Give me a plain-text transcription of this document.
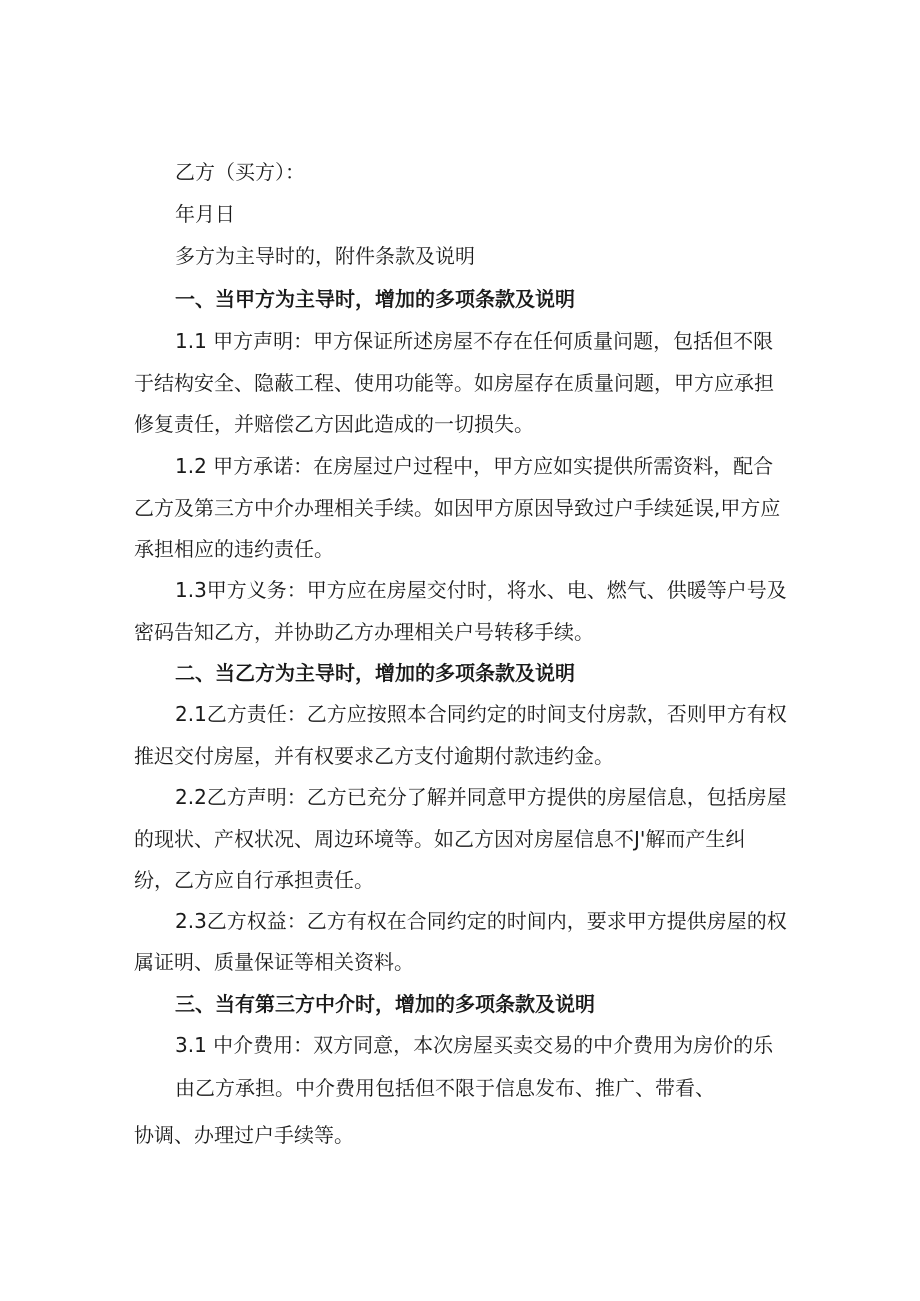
乙方（买方）：
年月日
多方为主导时的，附件条款及说明
一、当甲方为主导时，增加的多项条款及说明
1.1 甲方声明：甲方保证所述房屋不存在任何质量问题，包括但不限
于结构安全、隐蔽工程、使用功能等。如房屋存在质量问题，甲方应承担
修复责任，并赔偿乙方因此造成的一切损失。
1.2 甲方承诺：在房屋过户过程中，甲方应如实提供所需资料，配合
乙方及第三方中介办理相关手续。如因甲方原因导致过户手续延误,甲方应
承担相应的违约责任。
1.3甲方义务：甲方应在房屋交付时，将水、电、燃气、供暖等户号及
密码告知乙方，并协助乙方办理相关户号转移手续。
二、当乙方为主导时，增加的多项条款及说明
2.1乙方责任：乙方应按照本合同约定的时间支付房款，否则甲方有权
推迟交付房屋，并有权要求乙方支付逾期付款违约金。
2.2乙方声明：乙方已充分了解并同意甲方提供的房屋信息，包括房屋
的现状、产权状况、周边环境等。如乙方因对房屋信息不J'解而产生纠
纷，乙方应自行承担责任。
2.3乙方权益：乙方有权在合同约定的时间内，要求甲方提供房屋的权
属证明、质量保证等相关资料。
三、当有第三方中介时，增加的多项条款及说明
3.1 中介费用：双方同意，本次房屋买卖交易的中介费用为房价的乐
由乙方承担。中介费用包括但不限于信息发布、推广、带看、
协调、办理过户手续等。
